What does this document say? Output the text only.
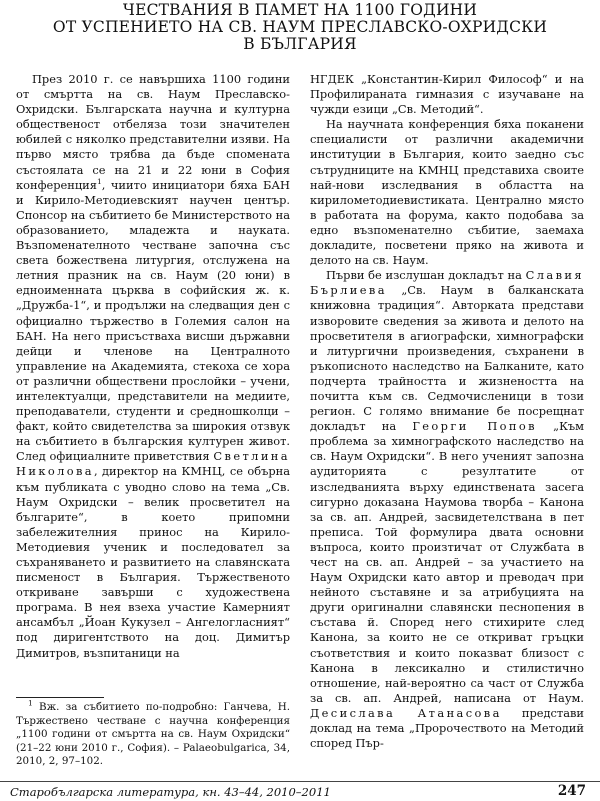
ЧЕСТВАНИЯ В ПАМЕТ НА 1100 ГОДИНИ
ОТ УСПЕНИЕТО НА СВ. НАУМ ПРЕСЛАВСКО-ОХРИДСКИ
В БЪЛГАРИЯ

През 2010 г. се навършиха 1100 години от смъртта на св. Наум Преславско-Охридски. Българската научна и културна общественост отбеляза този значителен юбилей с няколко представителни изяви. На първо място трябва да бъде спомената състоялата се на 21 и 22 юни в София конференция$^1$, чиито инициатори бяха БАН и Кирило-Методиевският научен център. Спонсор на събитието бе Министерството на образованието, младежта и науката. Възпоменателното честване започна със света божествена литургия, отслужена на летния празник на св. Наум (20 юни) в едноименната църква в софийския ж. к. „Дружба-1“, и продължи на следващия ден с официално тържество в Големия салон на БАН. На него присъстваха висши държавни дейци и членове на Централното управление на Академията, стекоха се хора от различни обществени прослойки – учени, интелектуалци, представители на медиите, преподаватели, студенти и средношколци – факт, който свидетелства за широкия отзвук на събитието в българския културен живот. След официалните приветствия Светлина Николова, директор на КМНЦ, се обърна към публиката с уводно слово на тема „Св. Наум Охридски – велик просветител на българите“, в което припомни забележителния принос на Кирило-Методиевия ученик и последовател за съхраняването и развитието на славянската писменост в България. Тържественото откриване завърши с художествена програма. В нея взеха участие Камерният ансамбъл „Йоан Кукузел – Ангелогласният“ под диригентството на доц. Димитър Димитров, възпитаници на

НГДЕК „Константин-Кирил Философ“ и на Профилираната гимназия с изучаване на чужди езици „Св. Методий“.

На научната конференция бяха поканени специалисти от различни академични институции в България, които заедно със сътрудниците на КМНЦ представиха своите най-нови изследвания в областта на кирилометодиевистиката. Централно място в работата на форума, както подобава за едно възпоменателно събитие, заемаха докладите, посветени пряко на живота и делото на св. Наум.

Първи бе изслушан докладът на Славия Бърлиева „Св. Наум в балканската книжовна традиция“. Авторката представи изворовите сведения за живота и делото на просветителя в агиографски, химнографски и литургични произведения, съхранени в ръкописното наследство на Балканите, като подчерта трайността и жизнеността на почитта към св. Седмочисленици в този регион. С голямо внимание бе посрещнат докладът на Георги Попов „Към проблема за химнографското наследство на св. Наум Охридски“. В него ученият запозна аудиторията с резултатите от изследванията върху единствената засега сигурно доказана Наумова творба – Канона за св. ап. Андрей, засвидетелствана в пет преписа. Той формулира двата основни въпроса, които произтичат от Службата в чест на св. ап. Андрей – за участието на Наум Охридски като автор и преводач при нейното съставяне и за атрибуцията на други оригинални славянски песнопения в състава й. Според него стихирите след Канона, за които не се откриват гръцки съответствия и които показват близост с Канона в лексикално и стилистично отношение, най-вероятно са част от Служба за св. ап. Андрей, написана от Наум. Десислава Атанасова представи доклад на тема „Пророчеството на Методий според Пър-

$^1$ Вж. за събитието по-подробно: Ганчева, Н. Тържествено честване с научна конференция „1100 години от смъртта на св. Наум Охридски“ (21–22 юни 2010 г., София). – Palaeobulgarica, 34, 2010, 2, 97–102.

Старобългарска литература, кн. 43–44, 2010–2011	247
